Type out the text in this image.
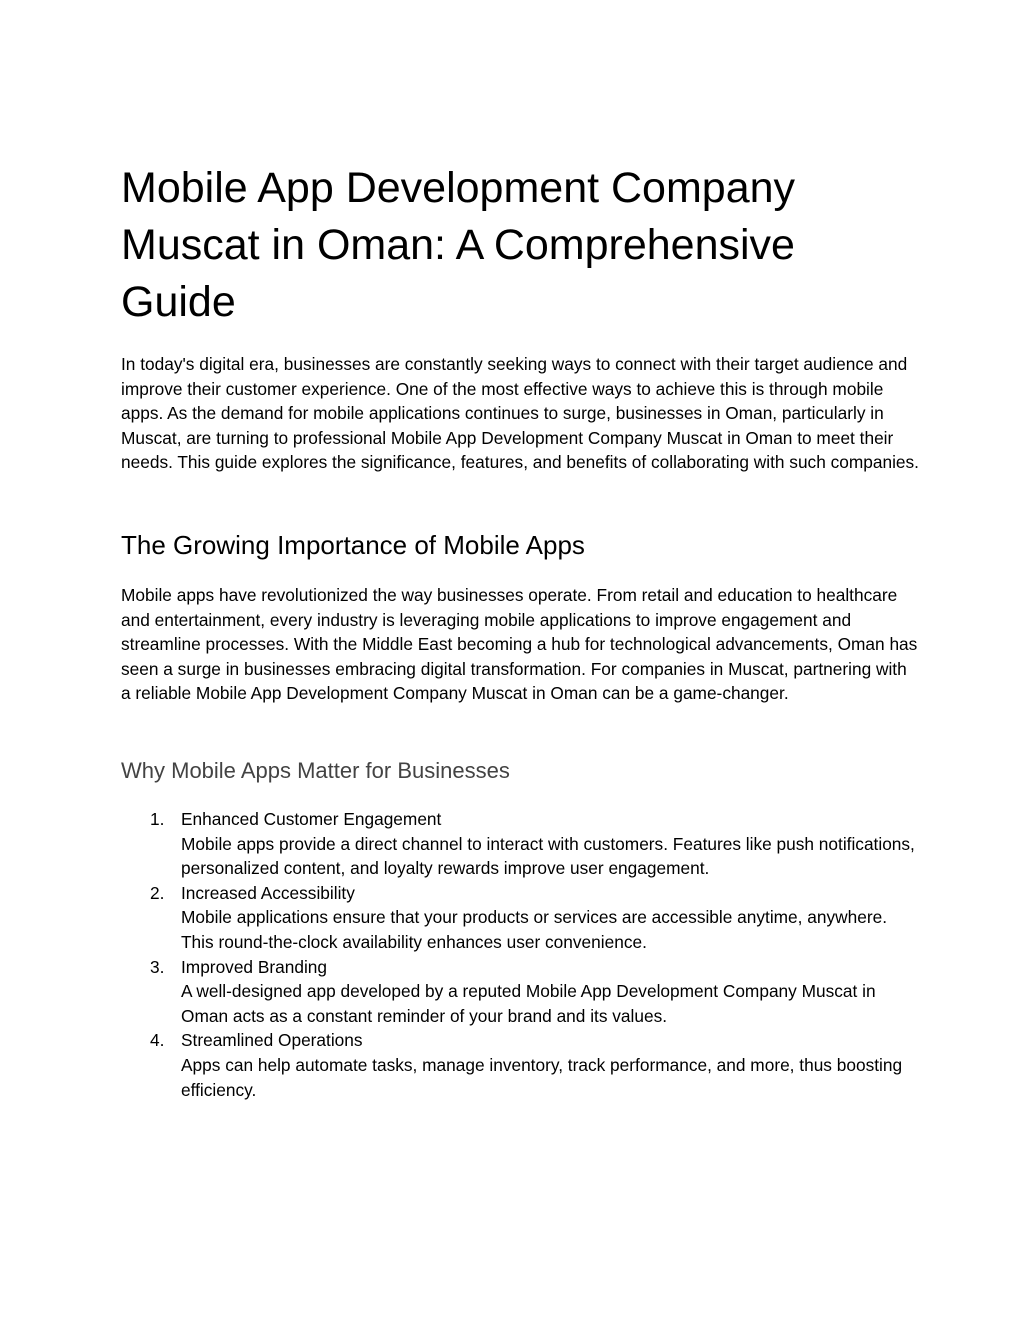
Mobile App Development Company Muscat in Oman: A Comprehensive Guide

In today's digital era, businesses are constantly seeking ways to connect with their target audience and improve their customer experience. One of the most effective ways to achieve this is through mobile apps. As the demand for mobile applications continues to surge, businesses in Oman, particularly in Muscat, are turning to professional Mobile App Development Company Muscat in Oman to meet their needs. This guide explores the significance, features, and benefits of collaborating with such companies.

The Growing Importance of Mobile Apps

Mobile apps have revolutionized the way businesses operate. From retail and education to healthcare and entertainment, every industry is leveraging mobile applications to improve engagement and streamline processes. With the Middle East becoming a hub for technological advancements, Oman has seen a surge in businesses embracing digital transformation. For companies in Muscat, partnering with a reliable Mobile App Development Company Muscat in Oman can be a game-changer.

Why Mobile Apps Matter for Businesses
1. Enhanced Customer Engagement
Mobile apps provide a direct channel to interact with customers. Features like push notifications, personalized content, and loyalty rewards improve user engagement.
2. Increased Accessibility
Mobile applications ensure that your products or services are accessible anytime, anywhere. This round-the-clock availability enhances user convenience.
3. Improved Branding
A well-designed app developed by a reputed Mobile App Development Company Muscat in Oman acts as a constant reminder of your brand and its values.
4. Streamlined Operations
Apps can help automate tasks, manage inventory, track performance, and more, thus boosting efficiency.
